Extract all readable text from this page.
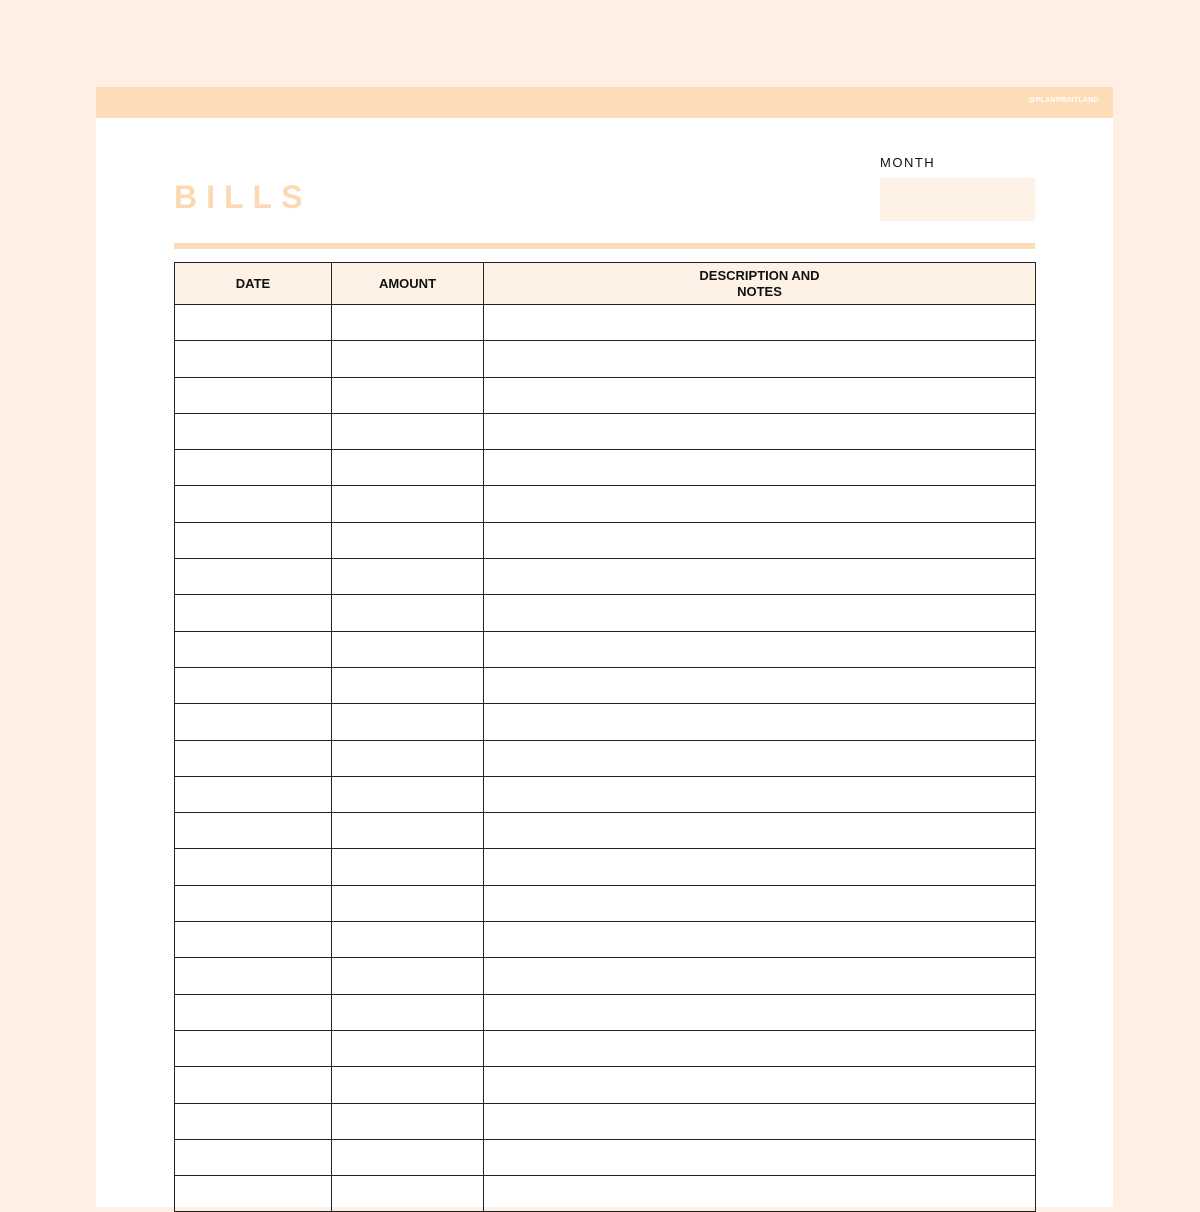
@PLANPRINTLAND
BILLS
MONTH
DATE	AMOUNT	DESCRIPTION AND NOTES
